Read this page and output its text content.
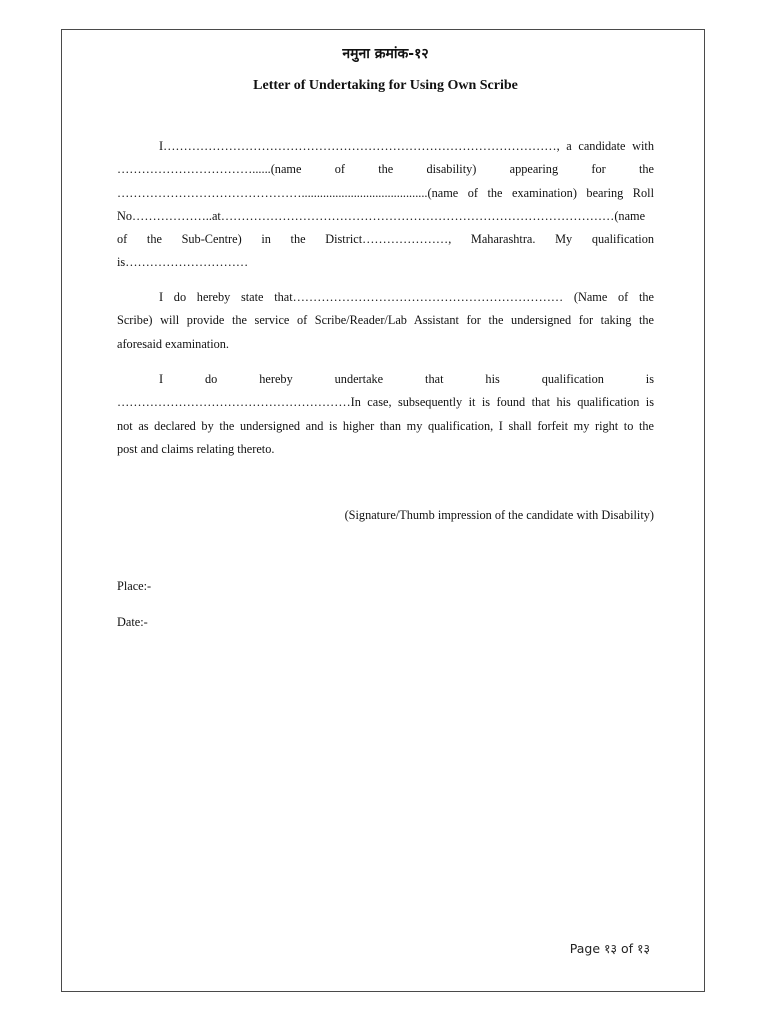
नमुना क्रमांक-१२
Letter of Undertaking for Using Own Scribe
I……………………………………………………………………………………, a candidate with
……………………………......(name of the disability) appearing for the
……………………………………….........................................(name of the examination) bearing Roll
No………………..at……………………………………………………………………………………(name
of the Sub-Centre) in the District…………………, Maharashtra. My qualification
is…………………………
I do hereby state that………………………………………………………… (Name of the
Scribe) will provide the service of Scribe/Reader/Lab Assistant for the undersigned for taking the
aforesaid examination.
I do hereby undertake that his qualification is
…………………………………………………In case, subsequently it is found that his qualification is
not as declared by the undersigned and is higher than my qualification, I shall forfeit my right to the
post and claims relating thereto.
(Signature/Thumb impression of the candidate with Disability)
Place:-
Date:-
Page १३ of १३
